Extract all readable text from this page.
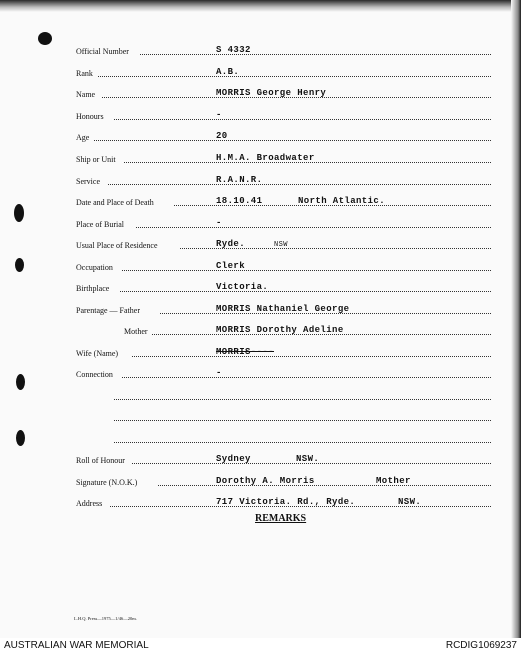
Official Number	S 4332
Rank	A.B.
Name	MORRIS George Henry
Honours	-
Age	20
Ship or Unit	H.M.A. Broadwater
Service	R.A.N.R.
Date and Place of Death	18.10.41	North Atlantic.
Place of Burial	-
Usual Place of Residence	Ryde.	NSW
Occupation	Clerk
Birthplace	Victoria.
Parentage — Father	MORRIS Nathaniel George
Mother	MORRIS Dorothy Adeline
Wife (Name)	MORRIS----
Connection	-
Roll of Honour	Sydney	NSW.
Signature (N.O.K.)	Dorothy A. Morris	Mother
Address	717 Victoria. Rd., Ryde.	NSW.
REMARKS
L.H.Q. Press—1975—1/46—20m.
AUSTRALIAN WAR MEMORIAL	RCDIG1069237
